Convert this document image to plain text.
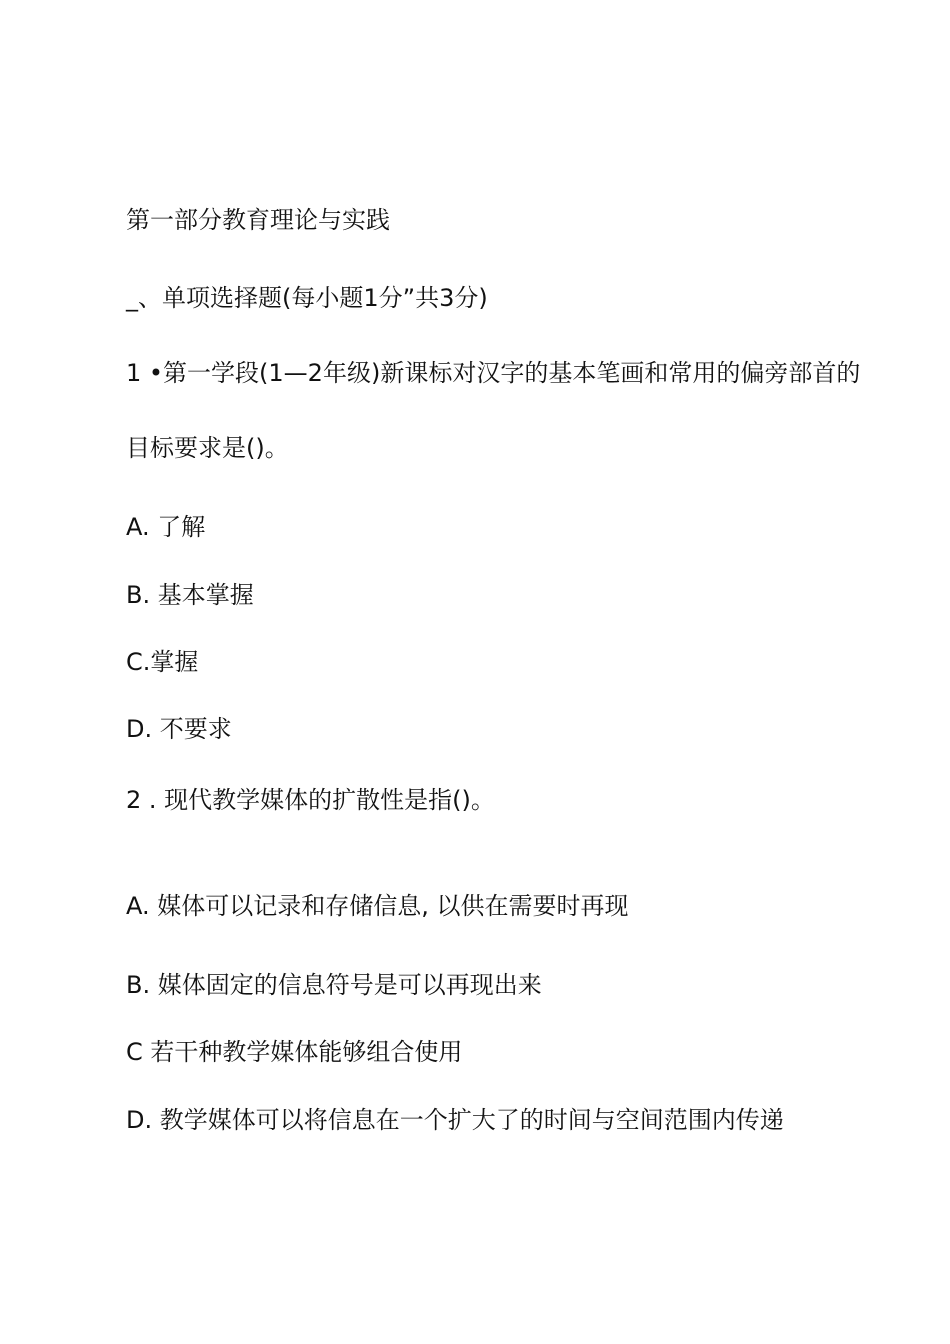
第一部分教育理论与实践
_、单项选择题(每小题1分”共3分)
1 •第一学段(1—2年级)新课标对汉字的基本笔画和常用的偏旁部首的
目标要求是()。
A. 了解
B. 基本掌握
C.掌握
D. 不要求
2 . 现代教学媒体的扩散性是指()。
A. 媒体可以记录和存储信息, 以供在需要时再现
B. 媒体固定的信息符号是可以再现出来
C 若干种教学媒体能够组合使用
D. 教学媒体可以将信息在一个扩大了的时间与空间范围内传递
